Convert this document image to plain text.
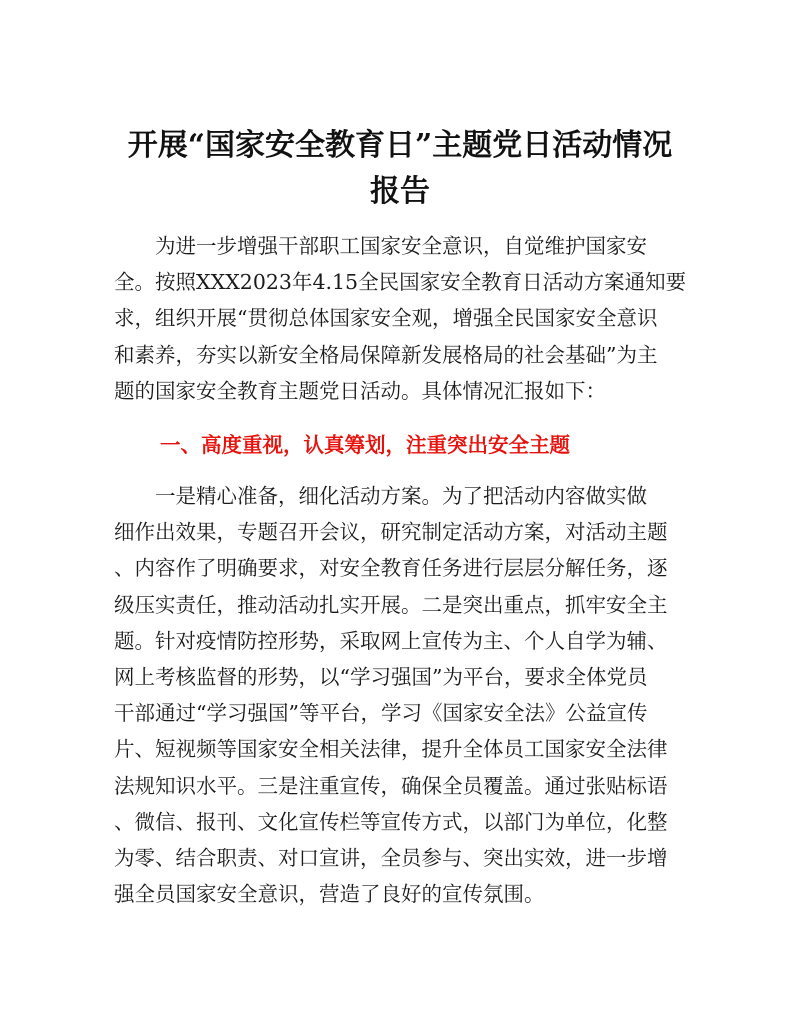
开展“国家安全教育日”主题党日活动情况
报告
　　为进一步增强干部职工国家安全意识，自觉维护国家安
全。按照XXX2023年4.15全民国家安全教育日活动方案通知要
求，组织开展“贯彻总体国家安全观，增强全民国家安全意识
和素养，夯实以新安全格局保障新发展格局的社会基础”为主
题的国家安全教育主题党日活动。具体情况汇报如下：
一、高度重视，认真筹划，注重突出安全主题
　　一是精心准备，细化活动方案。为了把活动内容做实做
细作出效果，专题召开会议，研究制定活动方案，对活动主题
、内容作了明确要求，对安全教育任务进行层层分解任务，逐
级压实责任，推动活动扎实开展。二是突出重点，抓牢安全主
题。针对疫情防控形势，采取网上宣传为主、个人自学为辅、
网上考核监督的形势，以“学习强国”为平台，要求全体党员
干部通过“学习强国”等平台，学习《国家安全法》公益宣传
片、短视频等国家安全相关法律，提升全体员工国家安全法律
法规知识水平。三是注重宣传，确保全员覆盖。通过张贴标语
、微信、报刊、文化宣传栏等宣传方式，以部门为单位，化整
为零、结合职责、对口宣讲，全员参与、突出实效，进一步增
强全员国家安全意识，营造了良好的宣传氛围。
